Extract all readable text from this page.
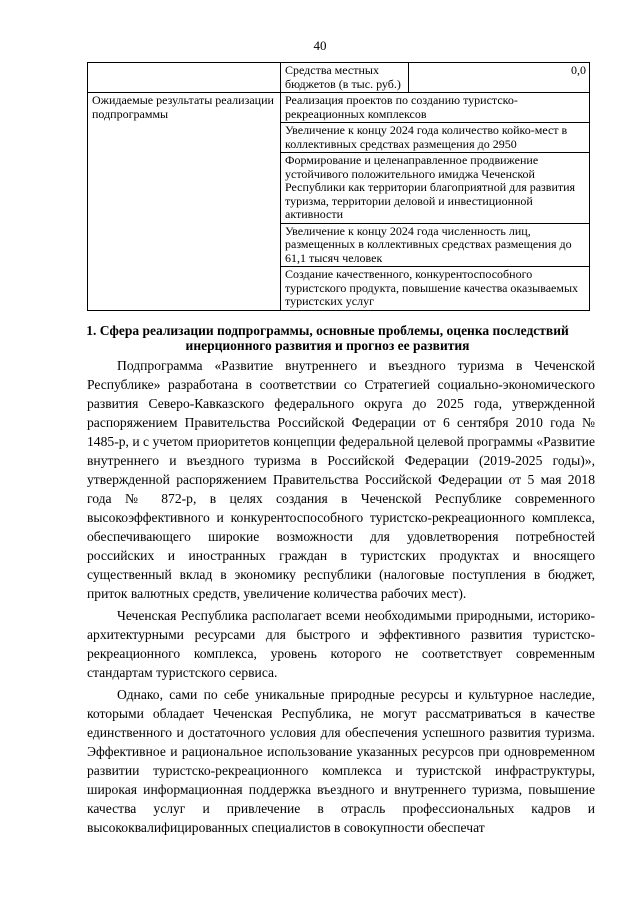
40
	Средства местных бюджетов (в тыс. руб.)	0,0
Ожидаемые результаты реализации подпрограммы	Реализация проектов по созданию туристско-рекреационных комплексов	
	Увеличение к концу 2024 года количество койко-мест в коллективных средствах размещения до 2950	
	Формирование и целенаправленное продвижение устойчивого положительного имиджа Чеченской Республики как территории благоприятной для развития туризма, территории деловой и инвестиционной активности	
	Увеличение к концу 2024 года численность лиц, размещенных в коллективных средствах размещения до 61,1 тысяч человек	
	Создание качественного, конкурентоспособного туристского продукта, повышение качества оказываемых туристских услуг	
1. Сфера реализации подпрограммы, основные проблемы, оценка последствий инерционного развития и прогноз ее развития

Подпрограмма «Развитие внутреннего и въездного туризма в Чеченской Республике» разработана в соответствии со Стратегией социально-экономического развития Северо-Кавказского федерального округа до 2025 года, утвержденной распоряжением Правительства Российской Федерации от 6 сентября 2010 года № 1485-р, и с учетом приоритетов концепции федеральной целевой программы «Развитие внутреннего и въездного туризма в Российской Федерации (2019-2025 годы)», утвержденной распоряжением Правительства Российской Федерации от 5 мая 2018 года № 872-р, в целях создания в Чеченской Республике современного высокоэффективного и конкурентоспособного туристско-рекреационного комплекса, обеспечивающего широкие возможности для удовлетворения потребностей российских и иностранных граждан в туристских продуктах и вносящего существенный вклад в экономику республики (налоговые поступления в бюджет, приток валютных средств, увеличение количества рабочих мест).

Чеченская Республика располагает всеми необходимыми природными, историко-архитектурными ресурсами для быстрого и эффективного развития туристско-рекреационного комплекса, уровень которого не соответствует современным стандартам туристского сервиса.

Однако, сами по себе уникальные природные ресурсы и культурное наследие, которыми обладает Чеченская Республика, не могут рассматриваться в качестве единственного и достаточного условия для обеспечения успешного развития туризма. Эффективное и рациональное использование указанных ресурсов при одновременном развитии туристско-рекреационного комплекса и туристской инфраструктуры, широкая информационная поддержка въездного и внутреннего туризма, повышение качества услуг и привлечение в отрасль профессиональных кадров и высококвалифицированных специалистов в совокупности обеспечат
